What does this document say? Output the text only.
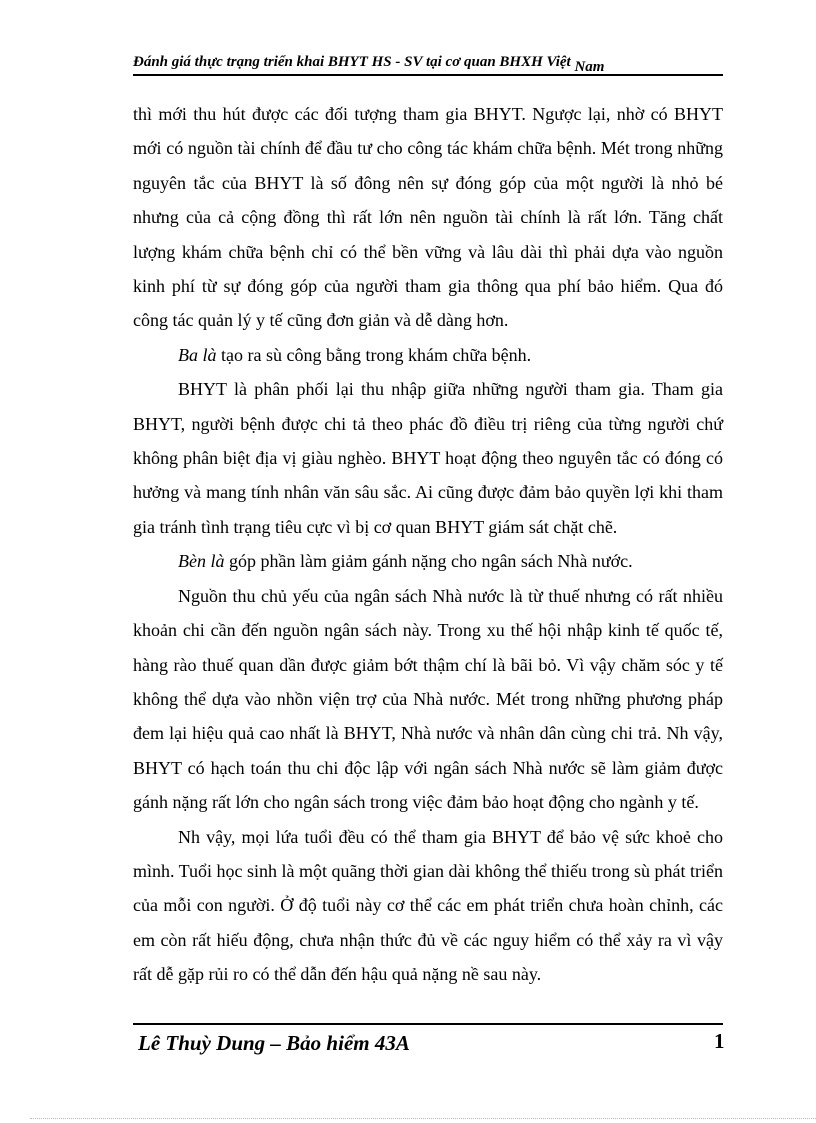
Đánh giá thực trạng triển khai BHYT HS - SV tại cơ quan BHXH Việt Nam

thì mới thu hút được các đối tượng tham gia BHYT. Ngược lại, nhờ có BHYT mới có nguồn tài chính để đầu tư cho công tác khám chữa bệnh. Mét trong những nguyên tắc của BHYT là số đông nên sự đóng góp của một người là nhỏ bé nhưng của cả cộng đồng thì rất lớn nên nguồn tài chính là rất lớn. Tăng chất lượng khám chữa bệnh chỉ có thể bền vững và lâu dài thì phải dựa vào nguồn kinh phí từ sự đóng góp của người tham gia thông qua phí bảo hiểm. Qua đó công tác quản lý y tế cũng đơn giản và dễ dàng hơn.

Ba là tạo ra sù công bằng trong khám chữa bệnh.

BHYT là phân phối lại thu nhập giữa những người tham gia. Tham gia BHYT, người bệnh được chi tả theo phác đồ điều trị riêng của từng người chứ không phân biệt địa vị giàu nghèo. BHYT hoạt động theo nguyên tắc có đóng có hưởng và mang tính nhân văn sâu sắc. Ai cũng được đảm bảo quyền lợi khi tham gia tránh tình trạng tiêu cực vì bị cơ quan BHYT giám sát chặt chẽ.

Bèn là góp phần làm giảm gánh nặng cho ngân sách Nhà nước.

Nguồn thu chủ yếu của ngân sách Nhà nước là từ thuế nhưng có rất nhiều khoản chi cần đến nguồn ngân sách này. Trong xu thế hội nhập kinh tế quốc tế, hàng rào thuế quan dần được giảm bớt thậm chí là bãi bỏ. Vì vậy chăm sóc y tế không thể dựa vào nhồn viện trợ của Nhà nước. Mét trong những phương pháp đem lại hiệu quả cao nhất là BHYT, Nhà nước và nhân dân cùng chi trả. Nh vậy, BHYT có hạch toán thu chi độc lập với ngân sách Nhà nước sẽ làm giảm được gánh nặng rất lớn cho ngân sách trong việc đảm bảo hoạt động cho ngành y tế.

Nh vậy, mọi lứa tuổi đều có thể tham gia BHYT để bảo vệ sức khoẻ cho mình. Tuổi học sinh là một quãng thời gian dài không thể thiếu trong sù phát triển của mỗi con người. Ở độ tuổi này cơ thể các em phát triển chưa hoàn chỉnh, các em còn rất hiếu động, chưa nhận thức đủ về các nguy hiểm có thể xảy ra vì vậy rất dễ gặp rủi ro có thể dẫn đến hậu quả nặng nề sau này.

Lê Thuỳ Dung – Bảo hiểm 43A	1
